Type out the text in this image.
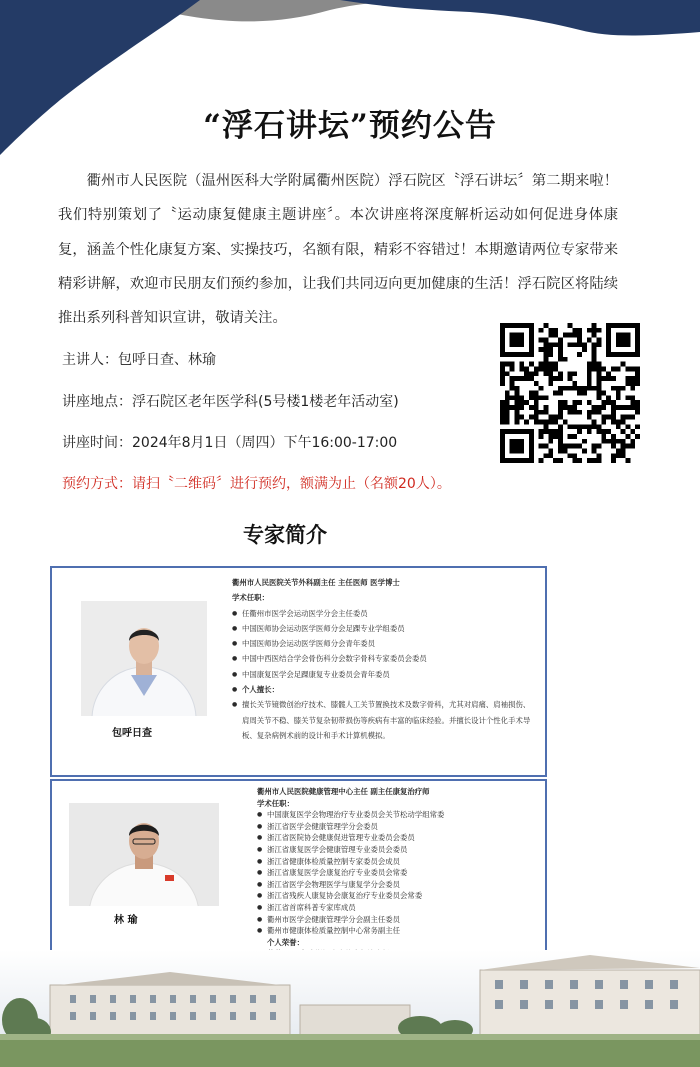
“浮石讲坛”预约公告
衢州市人民医院（温州医科大学附属衢州医院）浮石院区〝浮石讲坛〞第二期来啦！我们特别策划了〝运动康复健康主题讲座〞。本次讲座将深度解析运动如何促进身体康复，涵盖个性化康复方案、实操技巧，名额有限，精彩不容错过！本期邀请两位专家带来精彩讲解，欢迎市民朋友们预约参加，让我们共同迈向更加健康的生活！浮石院区将陆续推出系列科普知识宣讲，敬请关注。
主讲人：包呼日查、林瑜
讲座地点：浮石院区老年医学科(5号楼1楼老年活动室)
讲座时间：2024年8月1日（周四）下午16:00-17:00
预约方式：请扫〝二维码〞进行预约，额满为止（名额20人）。
专家简介
包呼日查
衢州市人民医院关节外科副主任 主任医师 医学博士
学术任职：
● 任衢州市医学会运动医学分会主任委员
● 中国医师协会运动医学医师分会足踝专业学组委员
● 中国医师协会运动医学医师分会青年委员
● 中国中西医结合学会骨伤科分会数字骨科专家委员会委员
● 中国康复医学会足踝康复专业委员会青年委员
● 个人擅长：
● 擅长关节镜微创治疗技术、膝髋人工关节置换技术及数字骨科，尤其对肩痛、肩袖损伤、肩周关节不稳、膝关节复杂韧带损伤等疾病有丰富的临床经验。并擅长设计个性化手术导板、复杂病例术前的设计和手术计算机模拟。
林 瑜
衢州市人民医院健康管理中心主任 副主任康复治疗师
学术任职：
● 中国康复医学会物理治疗专业委员会关节松动学组常委
● 浙江省医学会健康管理学分会委员
● 浙江省医院协会健康促进管理专业委员会委员
● 浙江省康复医学会健康管理专业委员会委员
● 浙江省健康体检质量控制专家委员会成员
● 浙江省康复医学会康复治疗专业委员会常委
● 浙江省医学会物理医学与康复学分会委员
● 浙江省残疾人康复协会康复治疗专业委员会常委
● 浙江省首席科普专家库成员
● 衢州市医学会健康管理学分会副主任委员
● 衢州市健康体检质量控制中心常务副主任
个人荣誉：
●
